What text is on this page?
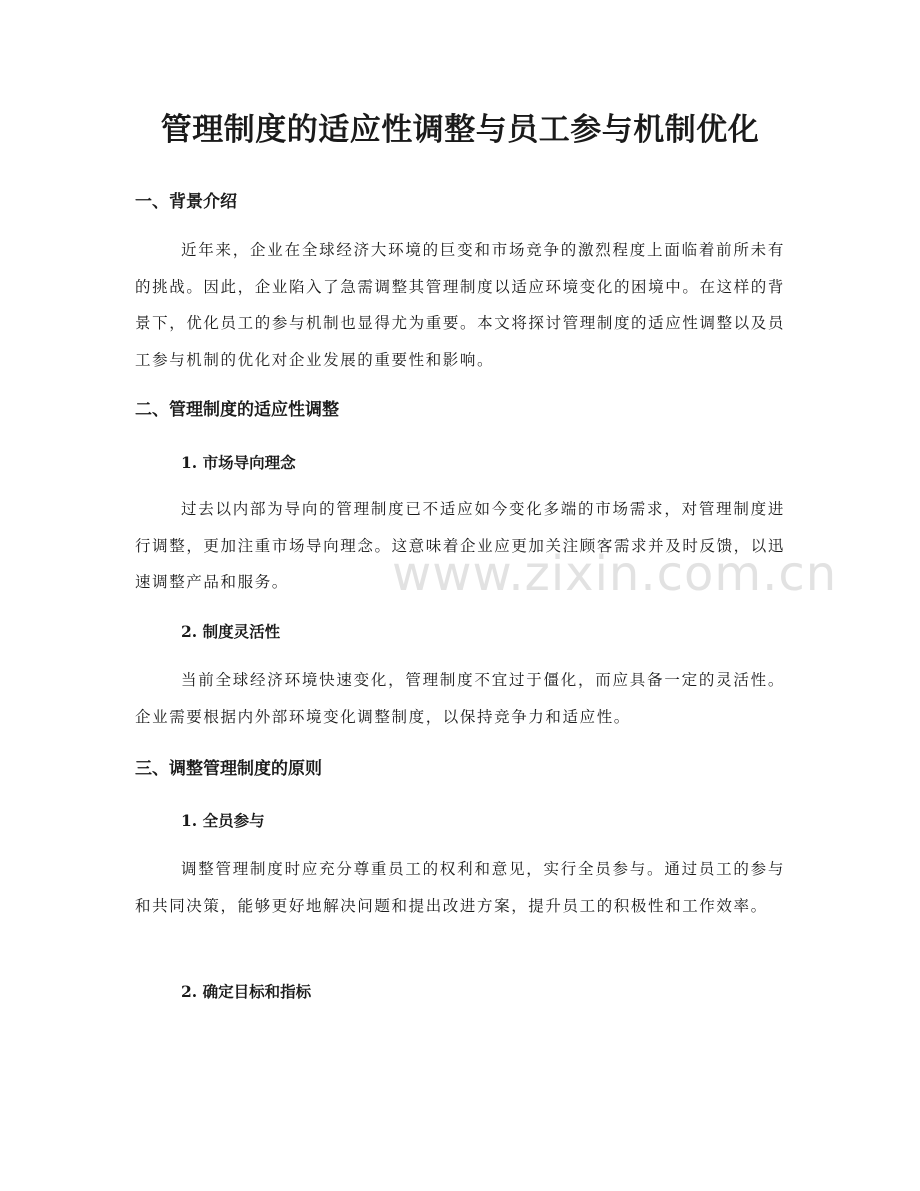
管理制度的适应性调整与员工参与机制优化
一、背景介绍

近年来，企业在全球经济大环境的巨变和市场竞争的激烈程度上面临着前所未有的挑战。因此，企业陷入了急需调整其管理制度以适应环境变化的困境中。在这样的背景下，优化员工的参与机制也显得尤为重要。本文将探讨管理制度的适应性调整以及员工参与机制的优化对企业发展的重要性和影响。

二、管理制度的适应性调整
1. 市场导向理念

过去以内部为导向的管理制度已不适应如今变化多端的市场需求，对管理制度进行调整，更加注重市场导向理念。这意味着企业应更加关注顾客需求并及时反馈，以迅速调整产品和服务。

2. 制度灵活性

当前全球经济环境快速变化，管理制度不宜过于僵化，而应具备一定的灵活性。企业需要根据内外部环境变化调整制度，以保持竞争力和适应性。

三、调整管理制度的原则
1. 全员参与

调整管理制度时应充分尊重员工的权利和意见，实行全员参与。通过员工的参与和共同决策，能够更好地解决问题和提出改进方案，提升员工的积极性和工作效率。

2. 确定目标和指标
www.zixin.com.cn
